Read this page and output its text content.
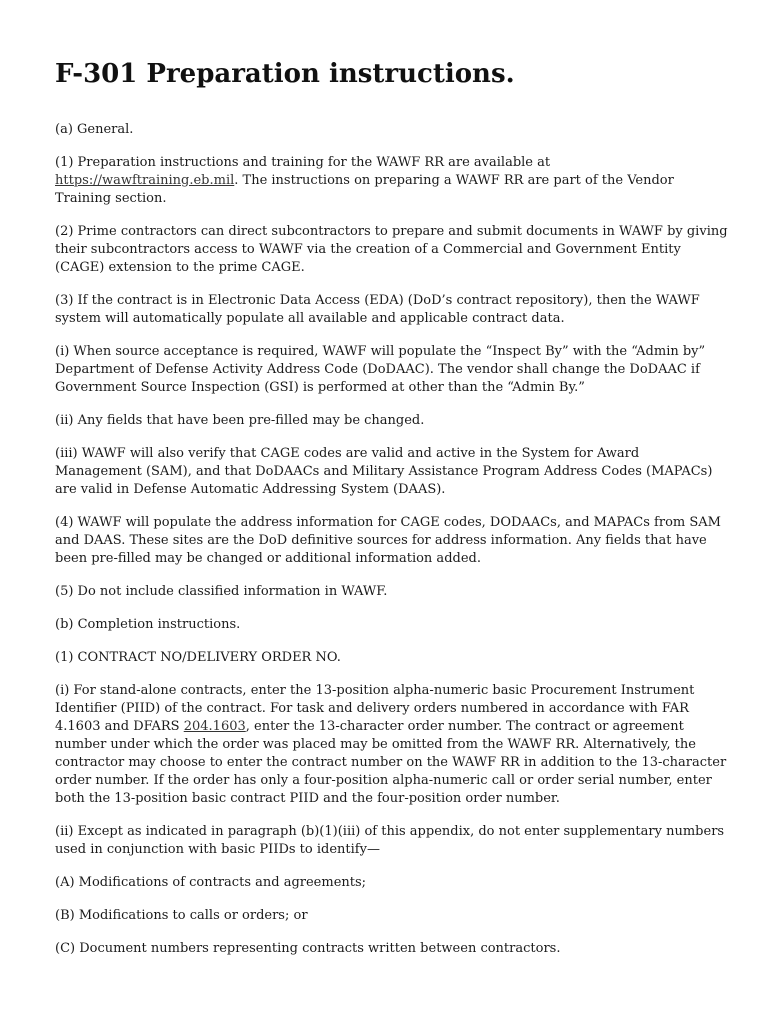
F-301 Preparation instructions.

(a) General.

(1) Preparation instructions and training for the WAWF RR are available at https://wawftraining.eb.mil. The instructions on preparing a WAWF RR are part of the Vendor Training section.

(2) Prime contractors can direct subcontractors to prepare and submit documents in WAWF by giving their subcontractors access to WAWF via the creation of a Commercial and Government Entity (CAGE) extension to the prime CAGE.

(3) If the contract is in Electronic Data Access (EDA) (DoD’s contract repository), then the WAWF system will automatically populate all available and applicable contract data.

(i) When source acceptance is required, WAWF will populate the “Inspect By” with the “Admin by” Department of Defense Activity Address Code (DoDAAC). The vendor shall change the DoDAAC if Government Source Inspection (GSI) is performed at other than the “Admin By.”

(ii) Any fields that have been pre-filled may be changed.

(iii) WAWF will also verify that CAGE codes are valid and active in the System for Award Management (SAM), and that DoDAACs and Military Assistance Program Address Codes (MAPACs) are valid in Defense Automatic Addressing System (DAAS).

(4) WAWF will populate the address information for CAGE codes, DODAACs, and MAPACs from SAM and DAAS. These sites are the DoD definitive sources for address information. Any fields that have been pre-filled may be changed or additional information added.

(5) Do not include classified information in WAWF.

(b) Completion instructions.

(1) CONTRACT NO/DELIVERY ORDER NO.

(i) For stand-alone contracts, enter the 13-position alpha-numeric basic Procurement Instrument Identifier (PIID) of the contract. For task and delivery orders numbered in accordance with FAR 4.1603 and DFARS 204.1603, enter the 13-character order number. The contract or agreement number under which the order was placed may be omitted from the WAWF RR. Alternatively, the contractor may choose to enter the contract number on the WAWF RR in addition to the 13-character order number. If the order has only a four-position alpha-numeric call or order serial number, enter both the 13-position basic contract PIID and the four-position order number.

(ii) Except as indicated in paragraph (b)(1)(iii) of this appendix, do not enter supplementary numbers used in conjunction with basic PIIDs to identify—

(A) Modifications of contracts and agreements;

(B) Modifications to calls or orders; or

(C) Document numbers representing contracts written between contractors.
